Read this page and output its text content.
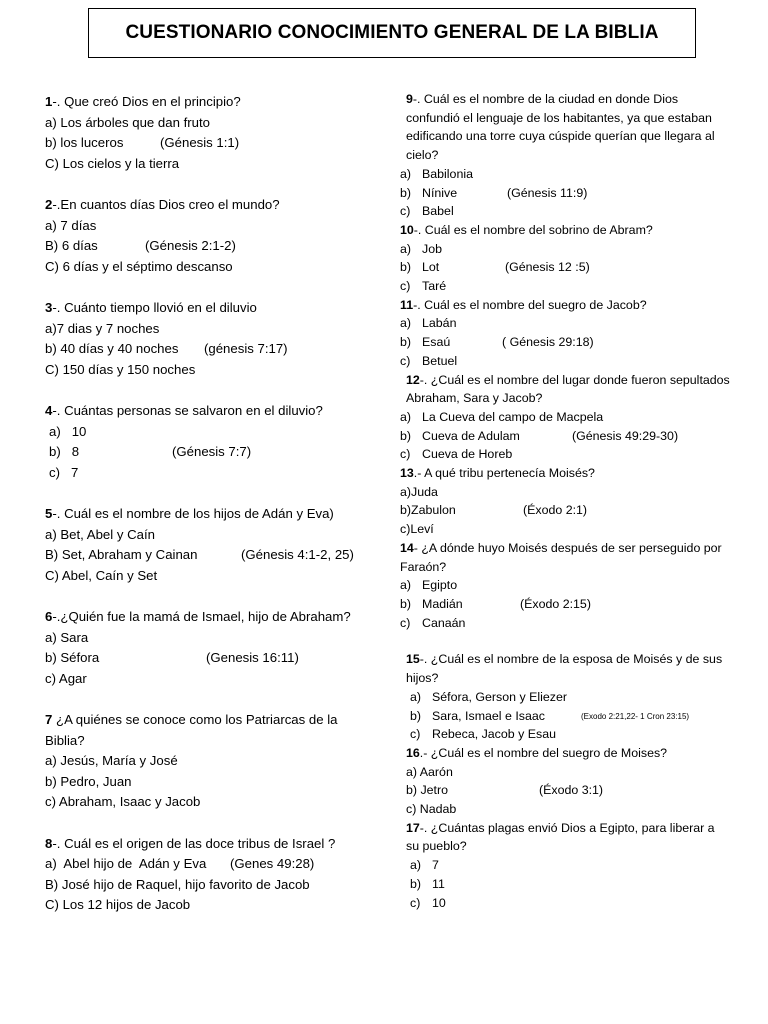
CUESTIONARIO CONOCIMIENTO GENERAL DE LA BIBLIA
1-. Que creó Dios en el principio?
a) Los árboles que dan fruto
b) los luceros	(Génesis 1:1)
C) Los cielos y la tierra
2-.En cuantos días Dios creo el mundo?
a) 7 días
B) 6 días	(Génesis 2:1-2)
C) 6 días y el séptimo descanso
3-. Cuánto tiempo llovió en el diluvio
a)7 dias y 7 noches
b) 40 días y 40 noches (génesis 7:17)
C) 150 días y 150 noches
4-. Cuántas personas se salvaron en el diluvio?
a)   10
b)   8	(Génesis 7:7)
c)   7
5-. Cuál es el nombre de los hijos de Adán y Eva)
a) Bet, Abel y Caín
B) Set, Abraham y Cainan	(Génesis 4:1-2, 25)
C) Abel, Caín y Set
6-.¿Quién fue la mamá de Ismael, hijo de Abraham?
a) Sara
b) Séfora	(Genesis 16:11)
c) Agar
7 ¿A quiénes se conoce como los Patriarcas de la Biblia?
a) Jesús, María y José
b) Pedro, Juan
c) Abraham, Isaac y Jacob
8-. Cuál es el origen de las doce tribus de Israel ?
a)  Abel hijo de  Adán y Eva (Genes 49:28)
B) José hijo de Raquel, hijo favorito de Jacob
C) Los 12 hijos de Jacob
9-. Cuál es el nombre de la ciudad en donde Dios confundió el lenguaje de los habitantes, ya que estaban edificando una torre cuya cúspide querían que llegara al cielo?
a) Babilonia
b) Nínive	(Génesis 11:9)
c) Babel
10-. Cuál es el nombre del sobrino de Abram?
a) Job
b) Lot	(Génesis 12 :5)
c) Taré
11-. Cuál es el nombre del suegro de Jacob?
a) Labán
b) Esaú	( Génesis 29:18)
c) Betuel
12-. ¿Cuál es el nombre del lugar donde fueron sepultados Abraham, Sara y Jacob?
a) La Cueva del campo de Macpela
b) Cueva de Adulam	(Génesis 49:29-30)
c) Cueva de Horeb
13.- A qué tribu pertenecía Moisés?
a)Juda
b)Zabulon	(Éxodo 2:1)
c)Leví
14- ¿A dónde huyo Moisés después de ser perseguido por Faraón?
a) Egipto
b) Madián	(Éxodo 2:15)
c) Canaán
15-. ¿Cuál es el nombre de la esposa de Moisés y de sus hijos?
a) Séfora, Gerson y Eliezer
b) Sara, Ismael e Isaac	(Exodo 2:21,22- 1 Cron 23:15)
c) Rebeca, Jacob y Esau
16.- ¿Cuál es el nombre del suegro de Moises?
a) Aarón
b) Jetro	(Éxodo 3:1)
c) Nadab
17-. ¿Cuántas plagas envió Dios a Egipto, para liberar a su pueblo?
a) 7
b) 11
c) 10
